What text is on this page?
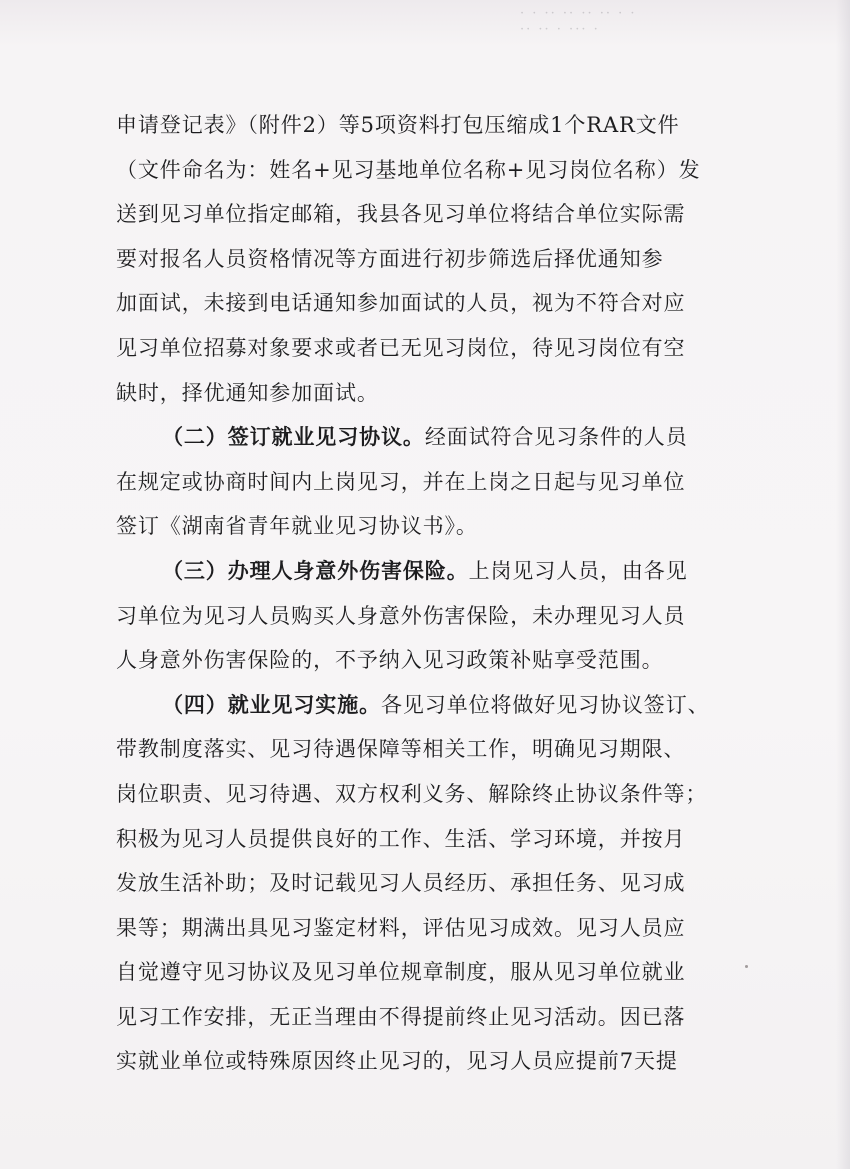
· · ·· ·· ·· ·· · ·
·· ·· · ··· ·
申请登记表》（附件2）等5项资料打包压缩成1个RAR文件
（文件命名为：姓名+见习基地单位名称+见习岗位名称）发
送到见习单位指定邮箱，我县各见习单位将结合单位实际需
要对报名人员资格情况等方面进行初步筛选后择优通知参
加面试，未接到电话通知参加面试的人员，视为不符合对应
见习单位招募对象要求或者已无见习岗位，待见习岗位有空
缺时，择优通知参加面试。
（二）签订就业见习协议。经面试符合见习条件的人员
在规定或协商时间内上岗见习，并在上岗之日起与见习单位
签订《湖南省青年就业见习协议书》。
（三）办理人身意外伤害保险。上岗见习人员，由各见
习单位为见习人员购买人身意外伤害保险，未办理见习人员
人身意外伤害保险的，不予纳入见习政策补贴享受范围。
（四）就业见习实施。各见习单位将做好见习协议签订、
带教制度落实、见习待遇保障等相关工作，明确见习期限、
岗位职责、见习待遇、双方权利义务、解除终止协议条件等；
积极为见习人员提供良好的工作、生活、学习环境，并按月
发放生活补助；及时记载见习人员经历、承担任务、见习成
果等；期满出具见习鉴定材料，评估见习成效。见习人员应
自觉遵守见习协议及见习单位规章制度，服从见习单位就业
见习工作安排，无正当理由不得提前终止见习活动。因已落
实就业单位或特殊原因终止见习的，见习人员应提前7天提
